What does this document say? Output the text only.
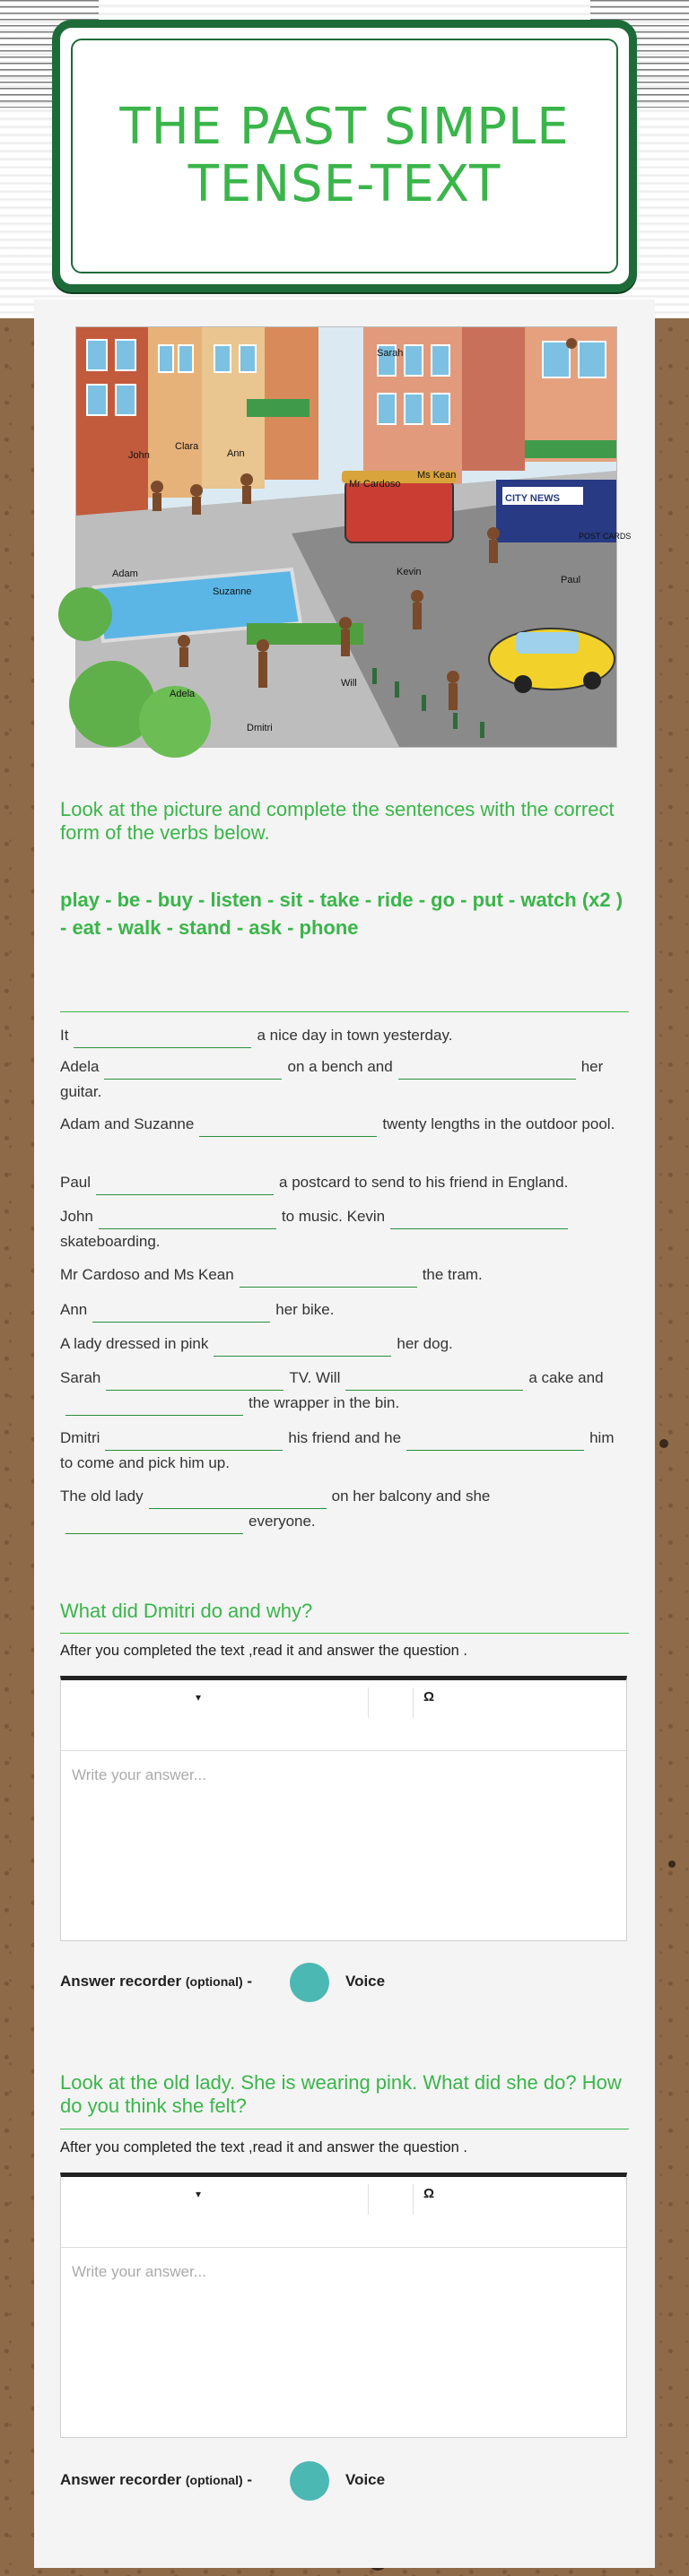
THE PAST SIMPLE TENSE-TEXT
John
Clara
Ann
Sarah
Mr Cardoso
Ms Kean
CITY NEWS
POST CARDS
Paul
Adam
Suzanne
Kevin
Adela
Will
Dmitri
Look at the picture and complete the sentences with the correct form of the verbs below.
play - be - buy - listen - sit - take - ride - go - put - watch (x2 ) - eat - walk - stand - ask - phone
It	a nice day in town yesterday.
Adela	on a bench and	her guitar.
Adam and Suzanne	twenty lengths in the outdoor pool.
Paul	a postcard to send to his friend in England.
John	to music. Kevinskateboarding.
Mr Cardoso and Ms Kean	the tram.
Ann	her bike.
A lady dressed in pink	her dog.
Sarah	TV. Will	a cake andthe wrapper in the bin.
Dmitri	his friend and he	him to come and pick him up.
The old lady	on her balcony and sheeveryone.
What did Dmitri do and why?
After you completed the text ,read it and answer the question .
▾	Ω
Write your answer...
Answer recorder (optional) -	Voice
Look at the old lady. She is wearing pink. What did she do? How do you think she felt?
After you completed the text ,read it and answer the question .
▾	Ω
Write your answer...
Answer recorder (optional) -	Voice
